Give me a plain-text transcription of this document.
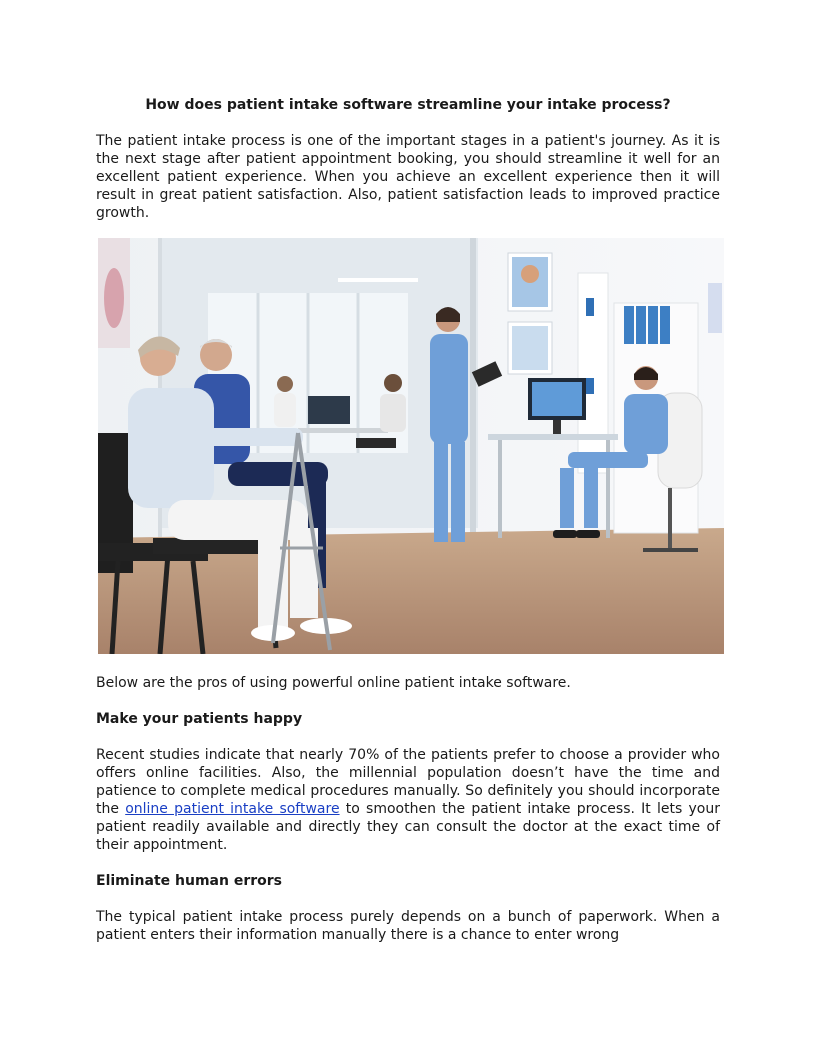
How does patient intake software streamline your intake process?

The patient intake process is one of the important stages in a patient's journey. As it is the next stage after patient appointment booking, you should streamline it well for an excellent patient experience. When you achieve an excellent experience then it will result in great patient satisfaction. Also, patient satisfaction leads to improved practice growth.

Below are the pros of using powerful online patient intake software.

Make your patients happy

Recent studies indicate that nearly 70% of the patients prefer to choose a provider who offers online facilities. Also, the millennial population doesn’t have the time and patience to complete medical procedures manually. So definitely you should incorporate the online patient intake software to smoothen the patient intake process. It lets your patient readily available and directly they can consult the doctor at the exact time of their appointment.

Eliminate human errors

The typical patient intake process purely depends on a bunch of paperwork. When a patient enters their information manually there is a chance to enter wrong
